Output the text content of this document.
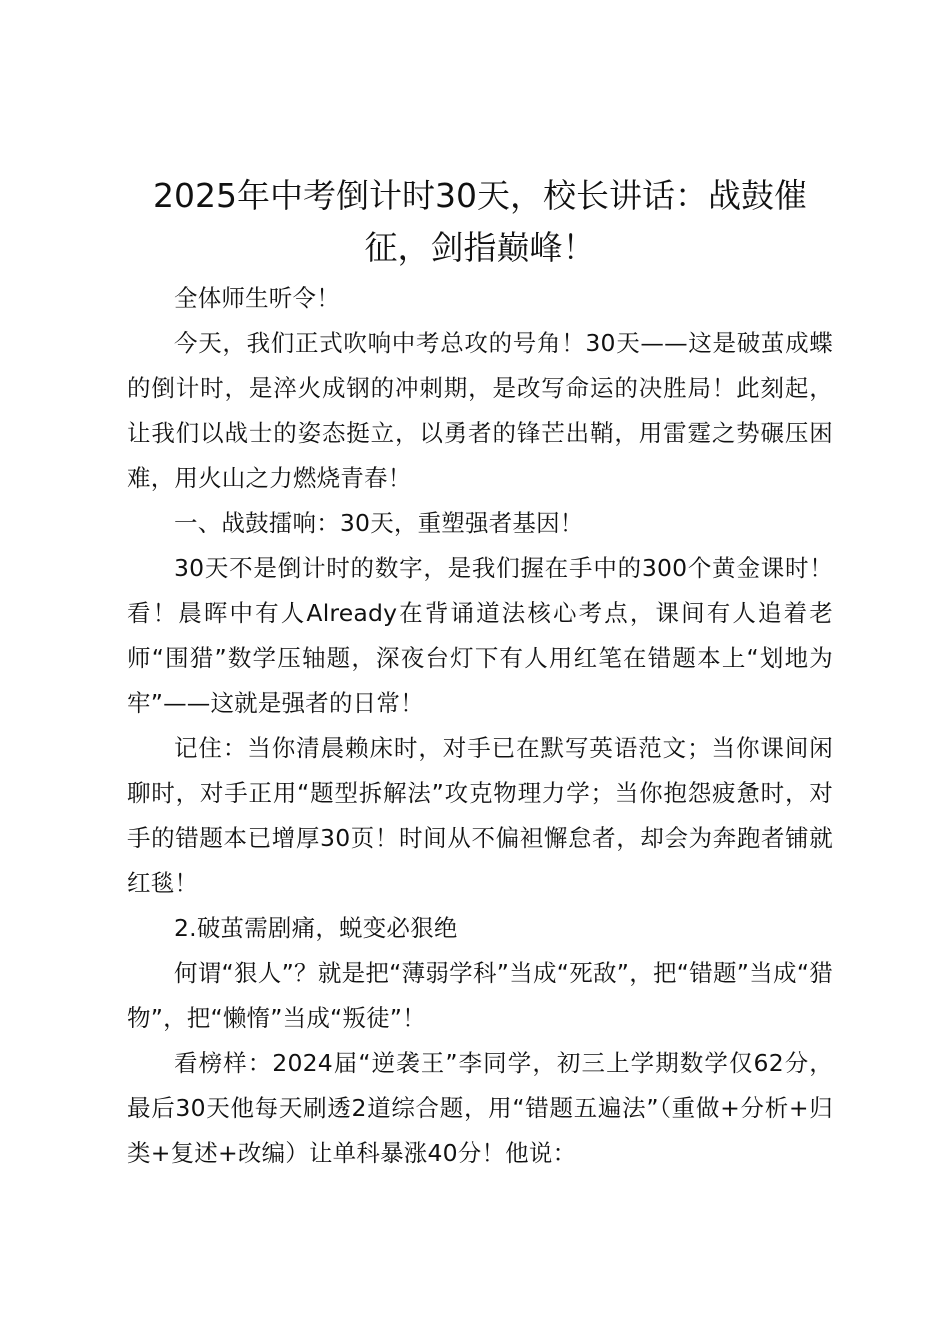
2025年中考倒计时30天，校长讲话：战鼓催征，剑指巅峰！

全体师生听令！

今天，我们正式吹响中考总攻的号角！30天——这是破茧成蝶的倒计时，是淬火成钢的冲刺期，是改写命运的决胜局！此刻起，让我们以战士的姿态挺立，以勇者的锋芒出鞘，用雷霆之势碾压困难，用火山之力燃烧青春！

一、战鼓擂响：30天，重塑强者基因！

30天不是倒计时的数字，是我们握在手中的300个黄金课时！看！晨晖中有人Already在背诵道法核心考点，课间有人追着老师“围猎”数学压轴题，深夜台灯下有人用红笔在错题本上“划地为牢”——这就是强者的日常！

记住：当你清晨赖床时，对手已在默写英语范文；当你课间闲聊时，对手正用“题型拆解法”攻克物理力学；当你抱怨疲惫时，对手的错题本已增厚30页！时间从不偏袒懈怠者，却会为奔跑者铺就红毯！

2.破茧需剧痛，蜕变必狠绝

何谓“狠人”？就是把“薄弱学科”当成“死敌”，把“错题”当成“猎物”，把“懒惰”当成“叛徒”！

看榜样：2024届“逆袭王”李同学，初三上学期数学仅62分，最后30天他每天刷透2道综合题，用“错题五遍法”（重做+分析+归类+复述+改编）让单科暴涨40分！他说：
